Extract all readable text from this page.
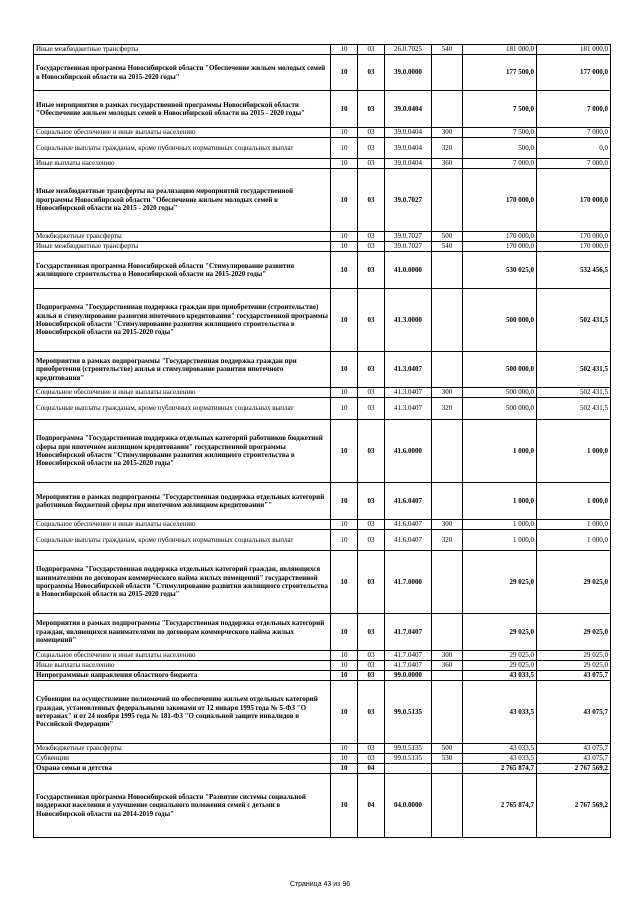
Иные межбюджетные трансферты	10	03	26.0.7025	540	181 000,0	181 000,0
Государственная программа Новосибирской области "Обеспечение жильем молодых семей в Новосибирской области на 2015-2020 годы"	10	03	39.0.0000		177 500,0	177 000,0
Иные мероприятия в рамках государственной программы Новосибирской области "Обеспечение жильем молодых семей в Новосибирской области на 2015 - 2020 годы"	10	03	39.0.0404		7 500,0	7 000,0
Социальное обеспечение и иные выплаты населению	10	03	39.0.0404	300	7 500,0	7 000,0
Социальные выплаты гражданам, кроме публичных нормативных социальных выплат	10	03	39.0.0404	320	500,0	0,0
Иные выплаты населению	10	03	39.0.0404	360	7 000,0	7 000,0
Иные межбюджетные трансферты на реализацию мероприятий государственной программы Новосибирской области "Обеспечение жильем молодых семей в Новосибирской области на 2015 - 2020 годы"	10	03	39.0.7027		170 000,0	170 000,0
Межбюджетные трансферты	10	03	39.0.7027	500	170 000,0	170 000,0
Иные межбюджетные трансферты	10	03	39.0.7027	540	170 000,0	170 000,0
Государственная программа Новосибирской области "Стимулирование развития жилищного строительства в Новосибирской области на 2015-2020 годы"	10	03	41.0.0000		530 025,0	532 456,5
Подпрограмма "Государственная поддержка граждан при приобретении (строительстве) жилья и стимулирование развития ипотечного кредитования" государственной программы Новосибирской области "Стимулирование развития жилищного строительства в Новосибирской области на 2015-2020 годы"	10	03	41.3.0000		500 000,0	502 431,5
Мероприятия в рамках подпрограммы "Государственная поддержка граждан при приобретении (строительстве) жилья и стимулирование развития ипотечного кредитования"	10	03	41.3.0407		500 000,0	502 431,5
Социальное обеспечение и иные выплаты населению	10	03	41.3.0407	300	500 000,0	502 431,5
Социальные выплаты гражданам, кроме публичных нормативных социальных выплат	10	03	41.3.0407	320	500 000,0	502 431,5
Подпрограмма "Государственная поддержка отдельных категорий работников бюджетной сферы при ипотечном жилищном кредитовании" государственной программы Новосибирской области "Стимулирование развития жилищного строительства в Новосибирской области на 2015-2020 годы"	10	03	41.6.0000		1 000,0	1 000,0
Мероприятия в рамках подпрограммы "Государственная поддержка отдельных категорий работников бюджетной сферы при ипотечном жилищном кредитовании""	10	03	41.6.0407		1 000,0	1 000,0
Социальное обеспечение и иные выплаты населению	10	03	41.6.0407	300	1 000,0	1 000,0
Социальные выплаты гражданам, кроме публичных нормативных социальных выплат	10	03	41.6.0407	320	1 000,0	1 000,0
Подпрограмма "Государственная поддержка отдельных категорий граждан, являющихся нанимателями по договорам коммерческого найма жилых помещений" государственной программы Новосибирской области "Стимулирование развития жилищного строительства в Новосибирской области на 2015-2020 годы"	10	03	41.7.0000		29 025,0	29 025,0
Мероприятия в рамках подпрограммы "Государственная поддержка отдельных категорий граждан, являющихся нанимателями по договорам коммерческого найма жилых помещений"	10	03	41.7.0407		29 025,0	29 025,0
Социальное обеспечение и иные выплаты населению	10	03	41.7.0407	300	29 025,0	29 025,0
Иные выплаты населению	10	03	41.7.0407	360	29 025,0	29 025,0
Непрограммные направления областного бюджета	10	03	99.0.0000		43 033,5	43 075,7
Субвенции на осуществление полномочий по обеспечению жильем отдельных категорий граждан, установленных федеральными законами от 12 января 1995 года № 5-ФЗ "О ветеранах" и от 24 ноября 1995 года № 181-ФЗ "О социальной защите инвалидов в Российской Федерации"	10	03	99.0.5135		43 033,5	43 075,7
Межбюджетные трансферты	10	03	99.0.5135	500	43 033,5	43 075,7
Субвенции	10	03	99.0.5135	530	43 033,5	43 075,7
Охрана семьи и детства	10	04			2 765 874,7	2 767 569,2
Государственная программа Новосибирской области "Развитие системы социальной поддержки населения и улучшение социального положения семей с детьми в Новосибирской области на 2014-2019 годы"	10	04	04.0.0000		2 765 874,7	2 767 569,2
Страница 43 из 96
